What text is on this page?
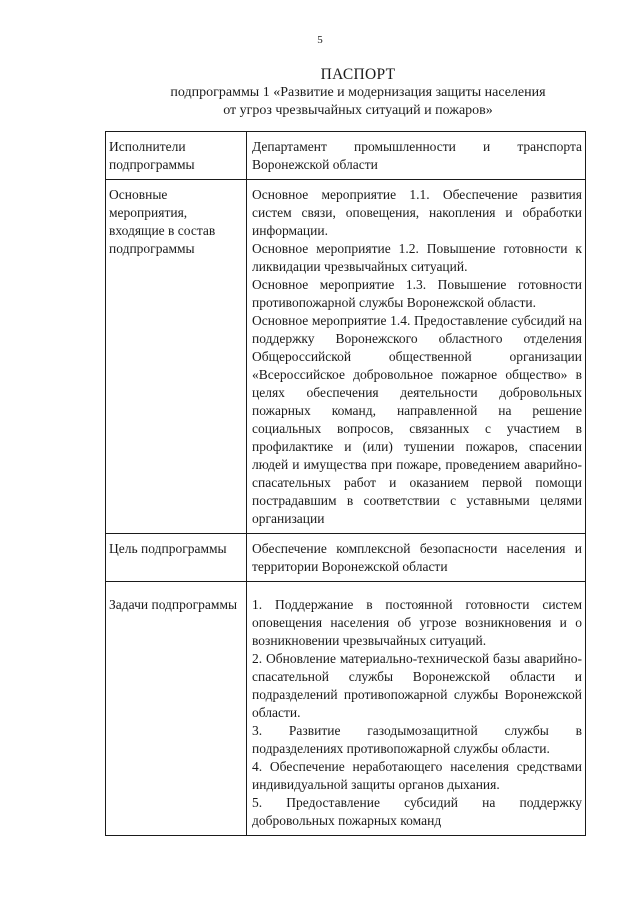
5
ПАСПОРТ
подпрограммы 1 «Развитие и модернизация защиты населения
от угроз чрезвычайных ситуаций и пожаров»
Исполнители подпрограммы	Департамент промышленности и транспорта Воронежской области

Основные мероприятия, входящие в состав подпрограммы	Основное мероприятие 1.1. Обеспечение развития систем связи, оповещения, накопления и обработки информации.
Основное мероприятие 1.2. Повышение готовности к ликвидации чрезвычайных ситуаций.
Основное мероприятие 1.3. Повышение готовности противопожарной службы Воронежской области.
Основное мероприятие 1.4. Предоставление субсидий на поддержку Воронежского областного отделения Общероссийской общественной организации «Всероссийское добровольное пожарное общество» в целях обеспечения деятельности добровольных пожарных команд, направленной на решение социальных вопросов, связанных с участием в профилактике и (или) тушении пожаров, спасении людей и имущества при пожаре, проведением аварийно-спасательных работ и оказанием первой помощи пострадавшим в соответствии с уставными целями организации

Цель подпрограммы	Обеспечение комплексной безопасности населения и территории Воронежской области

Задачи подпрограммы	1. Поддержание в постоянной готовности систем оповещения населения об угрозе возникновения и о возникновении чрезвычайных ситуаций.
2. Обновление материально-технической базы аварийно-спасательной службы Воронежской области и подразделений противопожарной службы Воронежской области.
3. Развитие газодымозащитной службы в подразделениях противопожарной службы области.
4. Обеспечение неработающего населения средствами индивидуальной защиты органов дыхания.
5. Предоставление субсидий на поддержку добровольных пожарных команд
